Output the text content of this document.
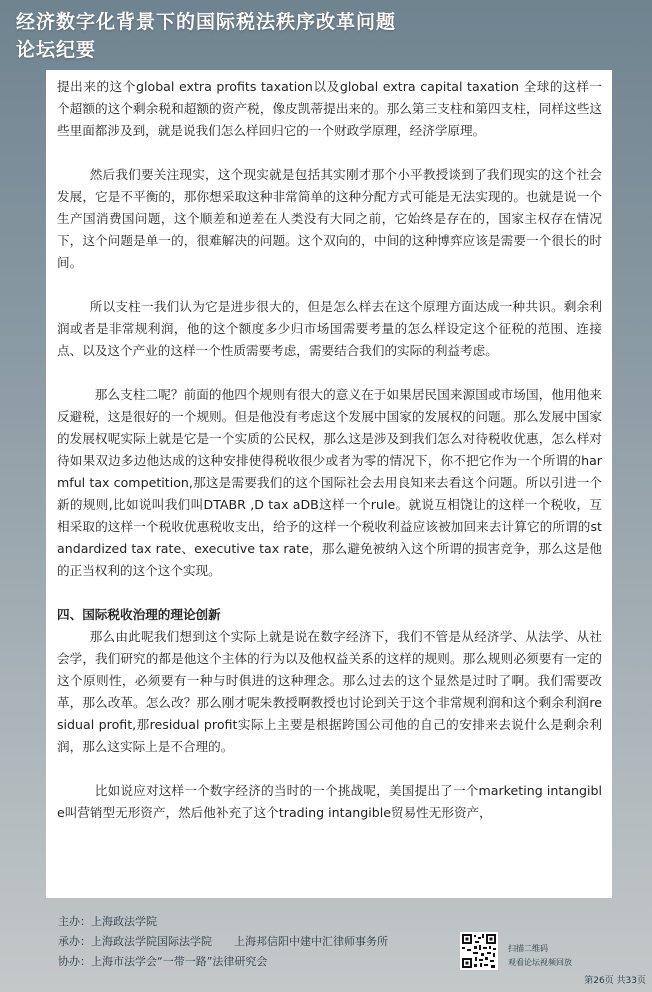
经济数字化背景下的国际税法秩序改革问题
论坛纪要

提出来的这个global extra profits taxation以及global extra capital taxation 全球的这样一个超额的这个剩余税和超额的资产税，像皮凯蒂提出来的。那么第三支柱和第四支柱，同样这些这些里面都涉及到，就是说我们怎么样回归它的一个财政学原理，经济学原理。

然后我们要关注现实，这个现实就是包括其实刚才那个小平教授谈到了我们现实的这个社会发展，它是不平衡的，那你想采取这种非常简单的这种分配方式可能是无法实现的。也就是说一个生产国消费国问题，这个顺差和逆差在人类没有大同之前，它始终是存在的，国家主权存在情况下，这个问题是单一的，很难解决的问题。这个双向的，中间的这种博弈应该是需要一个很长的时间。

所以支柱一我们认为它是进步很大的，但是怎么样去在这个原理方面达成一种共识。剩余利润或者是非常规利润，他的这个额度多少归市场国需要考量的怎么样设定这个征税的范围、连接点、以及这个产业的这样一个性质需要考虑，需要结合我们的实际的利益考虑。

那么支柱二呢？前面的他四个规则有很大的意义在于如果居民国来源国或市场国，他用他来反避税，这是很好的一个规则。但是他没有考虑这个发展中国家的发展权的问题。那么发展中国家的发展权呢实际上就是它是一个实质的公民权，那么这是涉及到我们怎么对待税收优惠，怎么样对待如果双边多边他达成的这种安排使得税收很少或者为零的情况下，你不把它作为一个所谓的harmful tax competition,那这是需要我们的这个国际社会去用良知来去看这个问题。所以引进一个新的规则,比如说叫我们叫DTABR ,D tax aDB这样一个rule。就说互相饶让的这样一个税收，互相采取的这样一个税收优惠税收支出，给予的这样一个税收利益应该被加回来去计算它的所谓的standardized tax rate、executive tax rate，那么避免被纳入这个所谓的损害竞争，那么这是他的正当权利的这个这个实现。

四、国际税收治理的理论创新

那么由此呢我们想到这个实际上就是说在数字经济下，我们不管是从经济学、从法学、从社会学，我们研究的都是他这个主体的行为以及他权益关系的这样的规则。那么规则必须要有一定的这个原则性，必须要有一种与时俱进的这种理念。那么过去的这个显然是过时了啊。我们需要改革，那么改革。怎么改？那么刚才呢朱教授啊教授也讨论到关于这个非常规利润和这个剩余利润residual profit,那residual profit实际上主要是根据跨国公司他的自己的安排来去说什么是剩余利润，那么这实际上是不合理的。

比如说应对这样一个数字经济的当时的一个挑战呢，美国提出了一个marketing intangible叫营销型无形资产，然后他补充了这个trading intangible贸易性无形资产，

主办：上海政法学院
承办：上海政法学院国际法学院 上海邦信阳中建中汇律师事务所
协办：上海市法学会“一带一路”法律研究会
扫描二维码
观看论坛视频回放
第26页 共33页
